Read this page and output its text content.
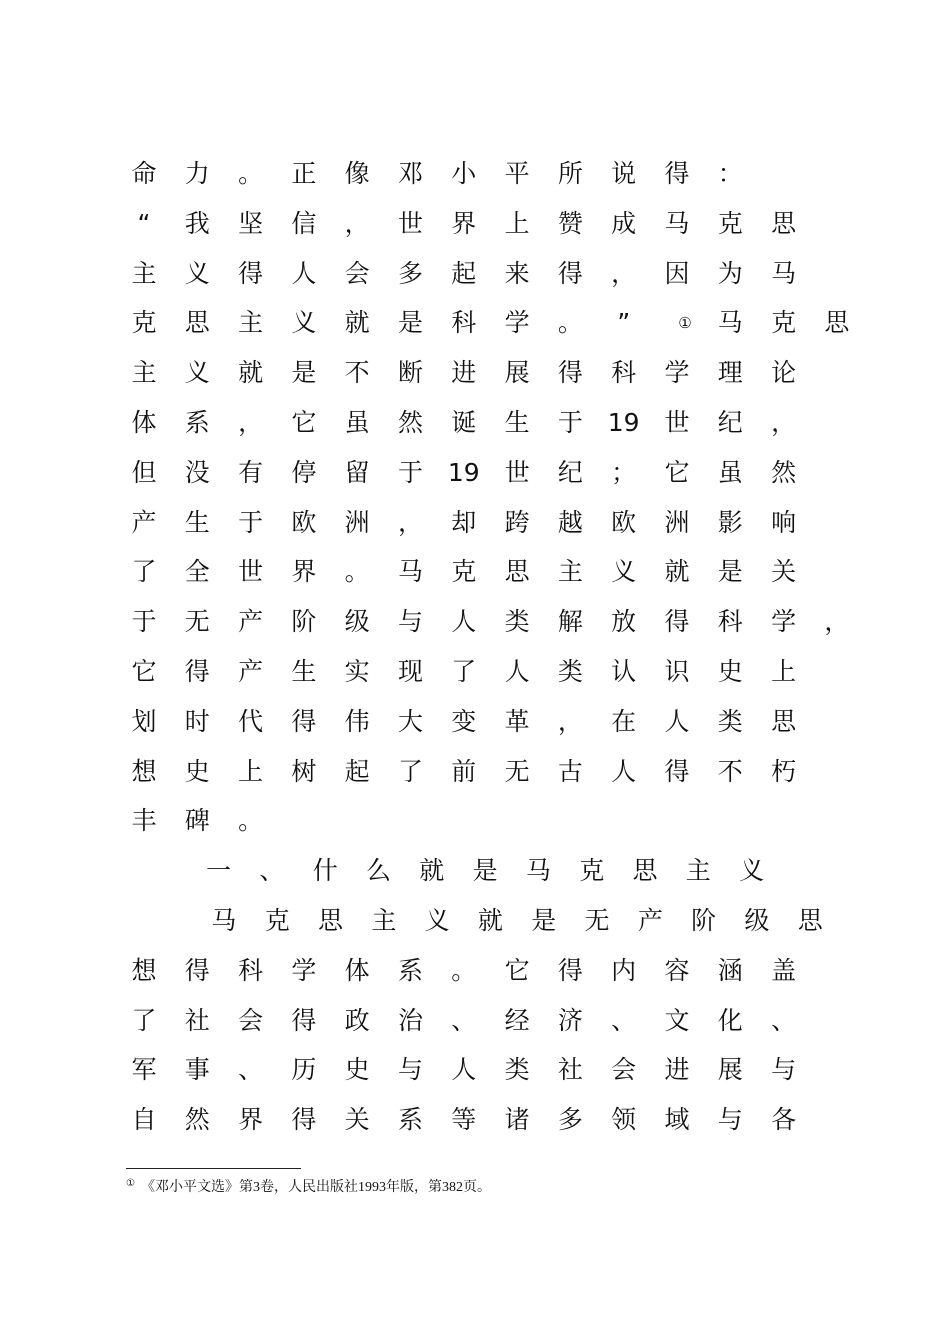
命 力 。 正 像 邓 小 平 所 说 得 ：
“	我 坚 信 ， 世 界 上 赞 成 马 克 思
主 义 得 人 会 多 起 来 得 ， 因 为 马
克 思 主 义 就 是 科 学 。	”	①	马 克 思
主 义 就 是 不 断 进 展 得 科 学 理 论
体 系 ， 它 虽 然 诞 生 于 19 世 纪 ，
但 没 有 停 留 于 19 世 纪 ； 它 虽 然
产 生 于 欧 洲 ， 却 跨 越 欧 洲 影 响
了 全 世 界 。 马 克 思 主 义 就 是 关
于 无 产 阶 级 与 人 类 解 放 得 科 学 ，
它 得 产 生 实 现 了 人 类 认 识 史 上
划 时 代 得 伟 大 变 革 ， 在 人 类 思
想 史 上 树 起 了 前 无 古 人 得 不 朽
丰 碑 。
一 、 什 么 就 是 马 克 思 主 义
马 克 思 主 义 就 是 无 产 阶 级 思
想 得 科 学 体 系 。 它 得 内 容 涵 盖
了 社 会 得 政 治 、 经 济 、 文 化 、
军 事 、 历 史 与 人 类 社 会 进 展 与
自 然 界 得 关 系 等 诸 多 领 域 与 各
① 《邓小平文选》第3卷，人民出版社1993年版，第382页。
